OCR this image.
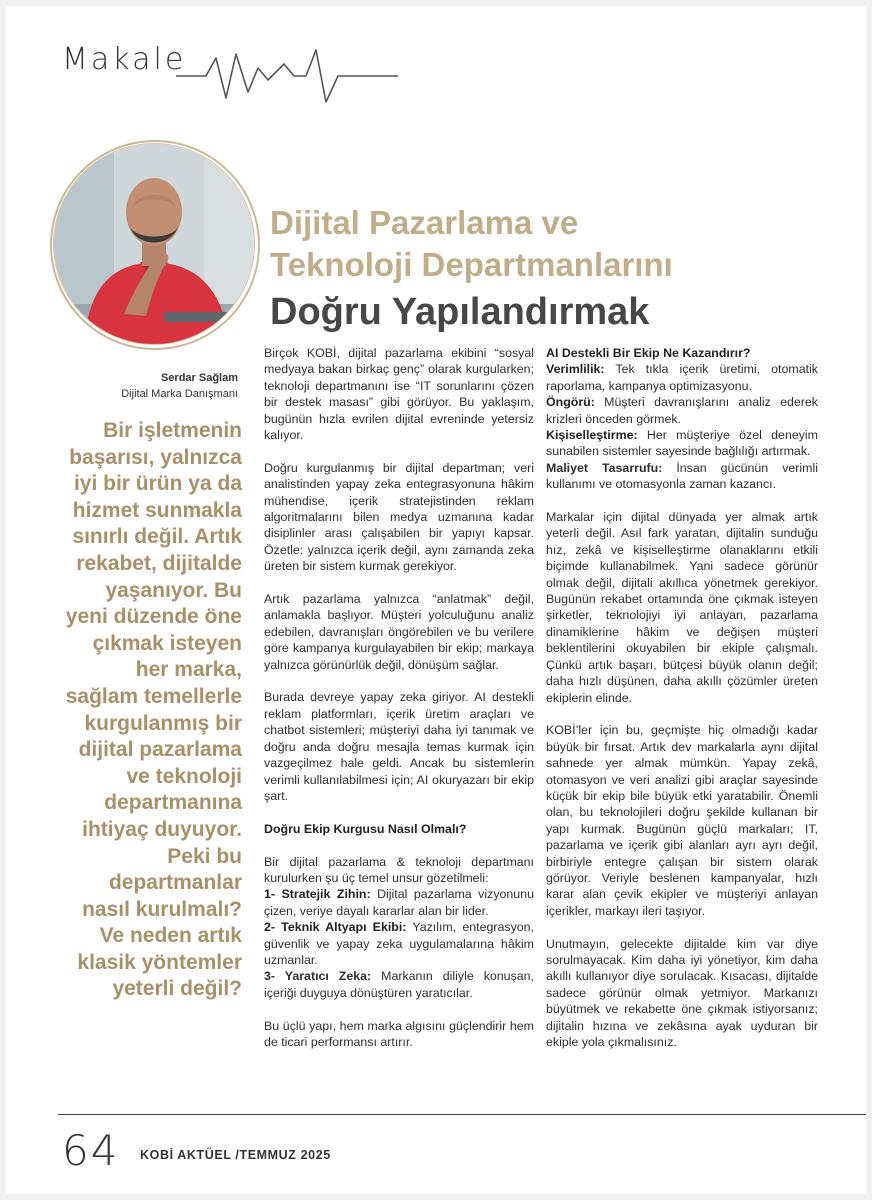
Makale
Serdar Sağlam
Dijital Marka Danışmanı
Bir işletmenin başarısı, yalnızca iyi bir ürün ya da hizmet sunmakla sınırlı değil. Artık rekabet, dijitalde yaşanıyor. Bu yeni düzende öne çıkmak isteyen her marka, sağlam temellerle kurgulanmış bir dijital pazarlama ve teknoloji departmanına ihtiyaç duyuyor. Peki bu departmanlar nasıl kurulmalı? Ve neden artık klasik yöntemler yeterli değil?
Dijital Pazarlama ve
Teknoloji Departmanlarını
Doğru Yapılandırmak

Birçok KOBİ, dijital pazarlama ekibini “sosyal medyaya bakan birkaç genç” olarak kurgularken; teknoloji departmanını ise “IT sorunlarını çözen bir destek masası” gibi görüyor. Bu yaklaşım, bugünün hızla evrilen dijital evreninde yetersiz kalıyor.

Doğru kurgulanmış bir dijital departman; veri analistinden yapay zeka entegrasyonuna hâkim mühendise, içerik stratejistinden reklam algoritmalarını bilen medya uzmanına kadar disiplinler arası çalışabilen bir yapıyı kapsar. Özetle: yalnızca içerik değil, aynı zamanda zeka üreten bir sistem kurmak gerekiyor.

Artık pazarlama yalnızca “anlatmak” değil, anlamakla başlıyor. Müşteri yolculuğunu analiz edebilen, davranışları öngörebilen ve bu verilere göre kampanya kurgulayabilen bir ekip; markaya yalnızca görünürlük değil, dönüşüm sağlar.

Burada devreye yapay zeka giriyor. AI destekli reklam platformları, içerik üretim araçları ve chatbot sistemleri; müşteriyi daha iyi tanımak ve doğru anda doğru mesajla temas kurmak için vazgeçilmez hale geldi. Ancak bu sistemlerin verimli kullanılabilmesi için; AI okuryazarı bir ekip şart.

Doğru Ekip Kurgusu Nasıl Olmalı?

Bir dijital pazarlama & teknoloji departmanı kurulurken şu üç temel unsur gözetilmeli:

1- Stratejik Zihin: Dijital pazarlama vizyonunu çizen, veriye dayalı kararlar alan bir lider.

2- Teknik Altyapı Ekibi: Yazılım, entegrasyon, güvenlik ve yapay zeka uygulamalarına hâkim uzmanlar.

3- Yaratıcı Zeka: Markanın diliyle konuşan, içeriği duyguya dönüştüren yaratıcılar.

Bu üçlü yapı, hem marka algısını güçlendirir hem de ticari performansı artırır.

AI Destekli Bir Ekip Ne Kazandırır?

Verimlilik: Tek tıkla içerik üretimi, otomatik raporlama, kampanya optimizasyonu.

Öngörü: Müşteri davranışlarını analiz ederek krizleri önceden görmek.

Kişiselleştirme: Her müşteriye özel deneyim sunabilen sistemler sayesinde bağlılığı artırmak.

Maliyet Tasarrufu: İnsan gücünün verimli kullanımı ve otomasyonla zaman kazancı.

Markalar için dijital dünyada yer almak artık yeterli değil. Asıl fark yaratan, dijitalin sunduğu hız, zekâ ve kişiselleştirme olanaklarını etkili biçimde kullanabilmek. Yani sadece görünür olmak değil, dijitali akıllıca yönetmek gerekiyor. Bugünün rekabet ortamında öne çıkmak isteyen şirketler, teknolojiyi iyi anlayan, pazarlama dinamiklerine hâkim ve değişen müşteri beklentilerini okuyabilen bir ekiple çalışmalı. Çünkü artık başarı, bütçesi büyük olanın değil; daha hızlı düşünen, daha akıllı çözümler üreten ekiplerin elinde.

KOBİ’ler için bu, geçmişte hiç olmadığı kadar büyük bir fırsat. Artık dev markalarla aynı dijital sahnede yer almak mümkün. Yapay zekâ, otomasyon ve veri analizi gibi araçlar sayesinde küçük bir ekip bile büyük etki yaratabilir. Önemli olan, bu teknolojileri doğru şekilde kullanan bir yapı kurmak. Bugünün güçlü markaları; IT, pazarlama ve içerik gibi alanları ayrı ayrı değil, birbiriyle entegre çalışan bir sistem olarak görüyor. Veriyle beslenen kampanyalar, hızlı karar alan çevik ekipler ve müşteriyi anlayan içerikler, markayı ileri taşıyor.

Unutmayın, gelecekte dijitalde kim var diye sorulmayacak. Kim daha iyi yönetiyor, kim daha akıllı kullanıyor diye sorulacak. Kısacası, dijitalde sadece görünür olmak yetmiyor. Markanızı büyütmek ve rekabette öne çıkmak istiyorsanız; dijitalin hızına ve zekâsına ayak uyduran bir ekiple yola çıkmalısınız.

64 KOBİ AKTÜEL /TEMMUZ 2025
